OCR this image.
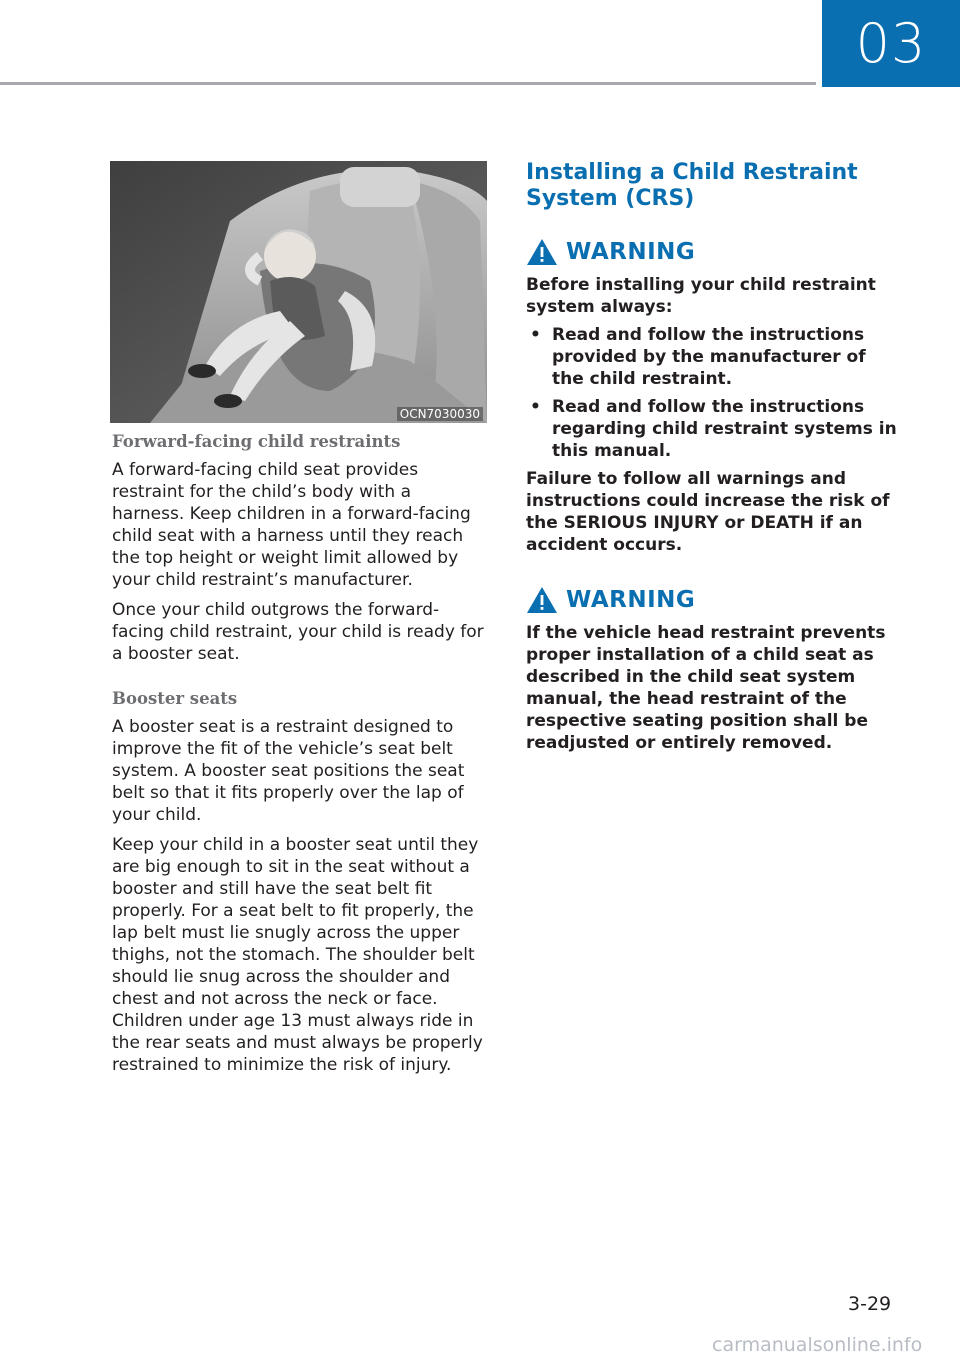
03
OCN7030030
Forward-facing child restraints

A forward-facing child seat provides restraint for the child’s body with a harness. Keep children in a forward-facing child seat with a harness until they reach the top height or weight limit allowed by your child restraint’s manufacturer.

Once your child outgrows the forward-facing child restraint, your child is ready for a booster seat.

Booster seats

A booster seat is a restraint designed to improve the fit of the vehicle’s seat belt system. A booster seat positions the seat belt so that it fits properly over the lap of your child.

Keep your child in a booster seat until they are big enough to sit in the seat without a booster and still have the seat belt fit properly. For a seat belt to fit properly, the lap belt must lie snugly across the upper thighs, not the stomach. The shoulder belt should lie snug across the shoulder and chest and not across the neck or face. Children under age 13 must always ride in the rear seats and must always be properly restrained to minimize the risk of injury.

Installing a Child Restraint System (CRS)
WARNING

Before installing your child restraint system always:

• Read and follow the instructions provided by the manufacturer of the child restraint.
• Read and follow the instructions regarding child restraint systems in this manual.

Failure to follow all warnings and instructions could increase the risk of the SERIOUS INJURY or DEATH if an accident occurs.

WARNING

If the vehicle head restraint prevents proper installation of a child seat as described in the child seat system manual, the head restraint of the respective seating position shall be readjusted or entirely removed.

3-29
carmanualsonline.info
